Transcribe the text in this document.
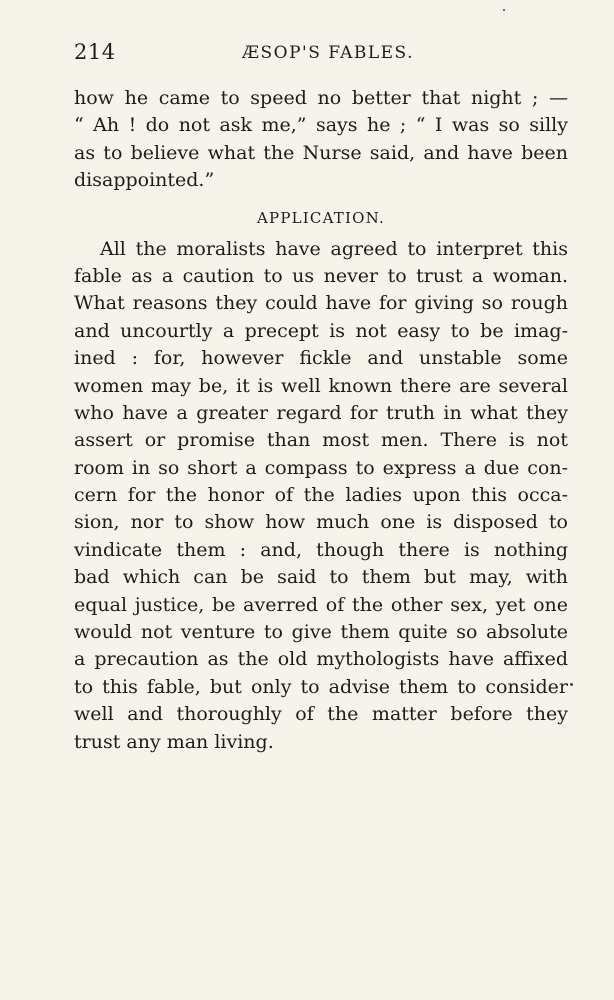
214	ÆSOP'S FABLES.
how he came to speed no better that night ; —
“ Ah ! do not ask me,” says he ; “ I was so silly
as to believe what the Nurse said, and have been
disappointed.”
APPLICATION.
All the moralists have agreed to interpret this
fable as a caution to us never to trust a woman.
What reasons they could have for giving so rough
and uncourtly a precept is not easy to be imag-
ined : for, however fickle and unstable some
women may be, it is well known there are several
who have a greater regard for truth in what they
assert or promise than most men. There is not
room in so short a compass to express a due con-
cern for the honor of the ladies upon this occa-
sion, nor to show how much one is disposed to
vindicate them : and, though there is nothing
bad which can be said to them but may, with
equal justice, be averred of the other sex, yet one
would not venture to give them quite so absolute
a precaution as the old mythologists have affixed
to this fable, but only to advise them to consider
well and thoroughly of the matter before they
trust any man living.
